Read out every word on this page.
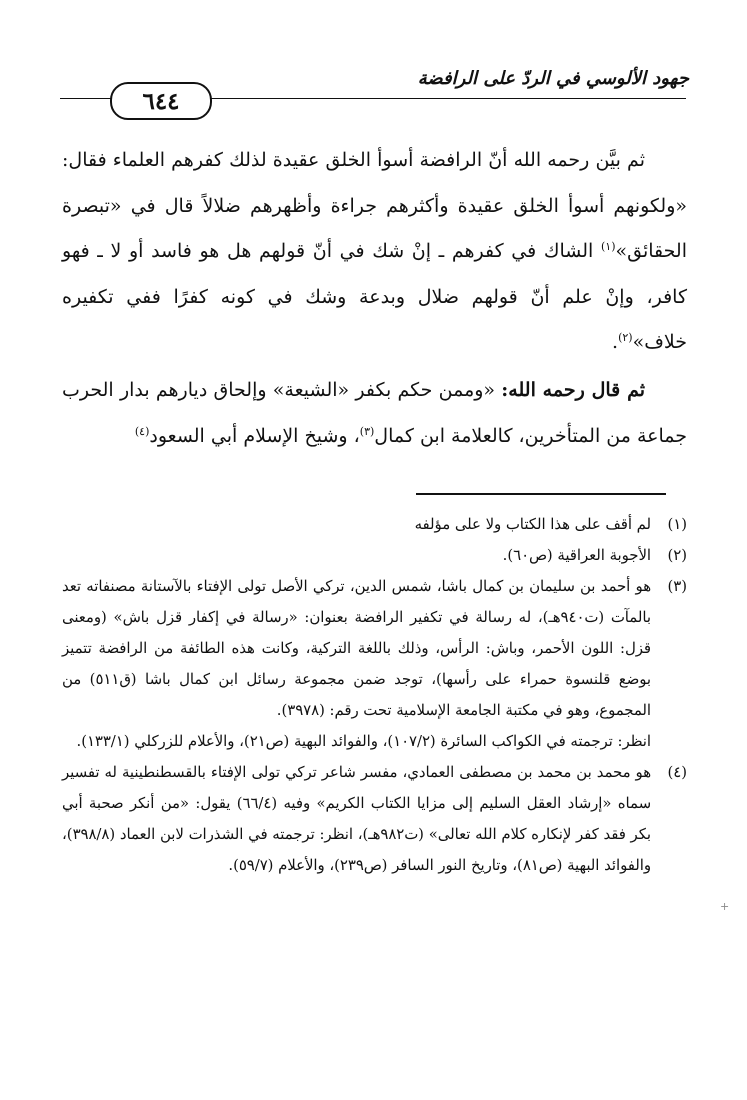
جهود الألوسي في الردّ على الرافضة
٦٤٤

ثم بيَّن رحمه الله أنّ الرافضة أسوأ الخلق عقيدة لذلك كفرهم العلماء فقال: «ولكونهم أسوأ الخلق عقيدة وأكثرهم جراءة وأظهرهم ضلالاً قال في «تبصرة الحقائق»$^{(١)}$ الشاك في كفرهم ـ إنْ شك في أنّ قولهم هل هو فاسد أو لا ـ فهو كافر، وإنْ علم أنّ قولهم ضلال وبدعة وشك في كونه كفرًا ففي تكفيره خلاف»$^{(٢)}$.

ثم قال رحمه الله: «وممن حكم بكفر «الشيعة» وإلحاق ديارهم بدار الحرب جماعة من المتأخرين، كالعلامة ابن كمال$^{(٣)}$، وشيخ الإسلام أبي السعود$^{(٤)}$

(١)

لم أقف على هذا الكتاب ولا على مؤلفه

(٢)

الأجوبة العراقية (ص٦٠).

(٣)

هو أحمد بن سليمان بن كمال باشا، شمس الدين، تركي الأصل تولى الإفتاء بالآستانة مصنفاته تعد بالمآت (ت٩٤٠هـ)، له رسالة في تكفير الرافضة بعنوان: «رسالة في إكفار قزل باش» (ومعنى قزل: اللون الأحمر، وباش: الرأس، وذلك باللغة التركية، وكانت هذه الطائفة من الرافضة تتميز بوضع قلنسوة حمراء على رأسها)، توجد ضمن مجموعة رسائل ابن كمال باشا (ق٥١١) من المجموع، وهو في مكتبة الجامعة الإسلامية تحت رقم: (٣٩٧٨).

انظر: ترجمته في الكواكب السائرة (١٠٧/٢)، والفوائد البهية (ص٢١)، والأعلام للزركلي (١٣٣/١).

(٤)

هو محمد بن محمد بن مصطفى العمادي، مفسر شاعر تركي تولى الإفتاء بالقسطنطينية له تفسير سماه «إرشاد العقل السليم إلى مزايا الكتاب الكريم» وفيه (٦٦/٤) يقول: «من أنكر صحبة أبي بكر فقد كفر لإنكاره كلام الله تعالى» (ت٩٨٢هـ)، انظر: ترجمته في الشذرات لابن العماد (٣٩٨/٨)، والفوائد البهية (ص٨١)، وتاريخ النور السافر (ص٢٣٩)، والأعلام (٥٩/٧).

+
